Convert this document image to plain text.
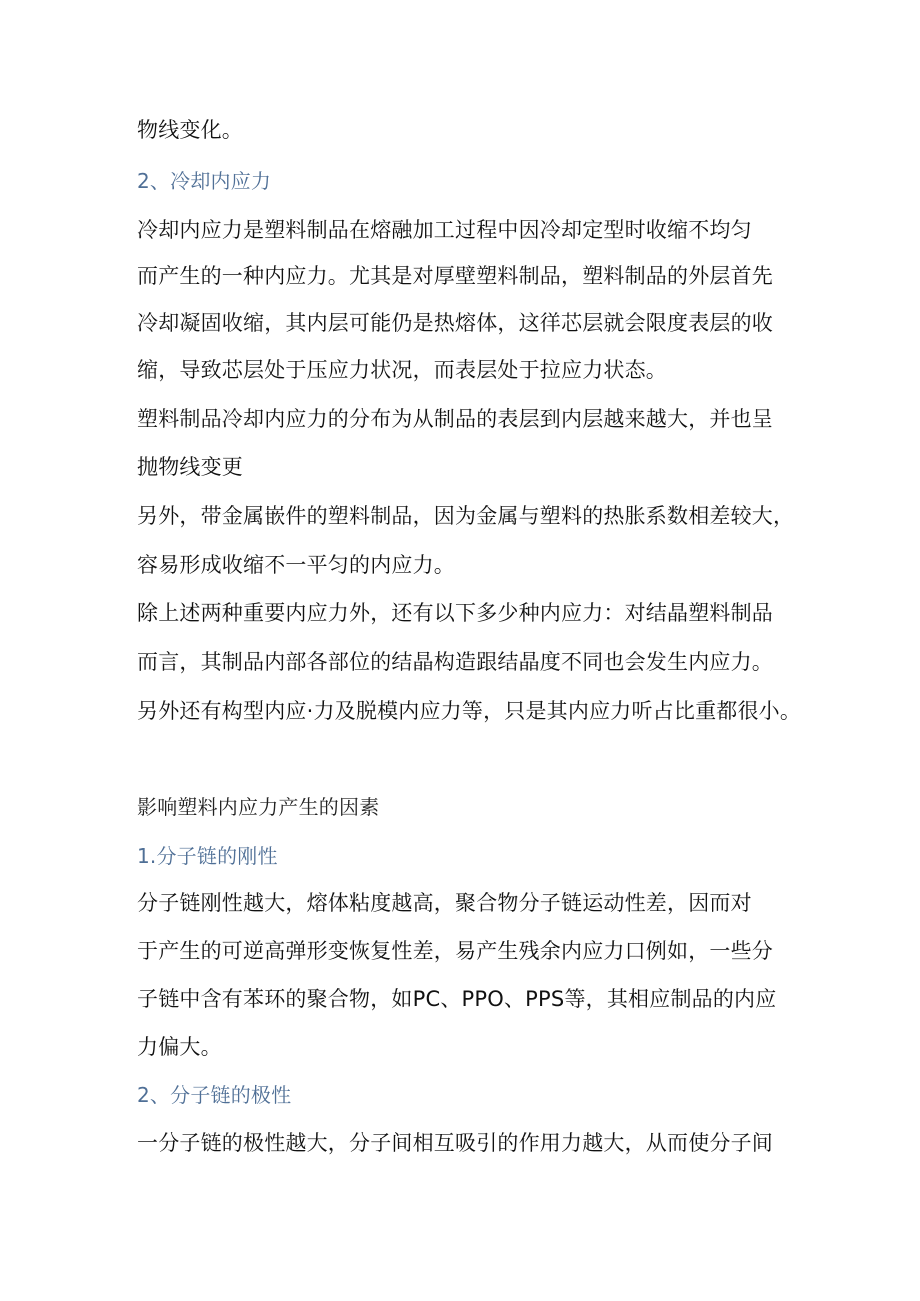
物线变化。
2、冷却内应力
冷却内应力是塑料制品在熔融加工过程中因冷却定型时收缩不均匀
而产生的一种内应力。尤其是对厚壁塑料制品，塑料制品的外层首先
冷却凝固收缩，其内层可能仍是热熔体，这徉芯层就会限度表层的收
缩，导致芯层处于压应力状况，而表层处于拉应力状态。
塑料制品冷却内应力的分布为从制品的表层到内层越来越大，并也呈
抛物线变更
另外，带金属嵌件的塑料制品，因为金属与塑料的热胀系数相差较大，
容易形成收缩不一平匀的内应力。
除上述两种重要内应力外，还有以下多少种内应力：对结晶塑料制品
而言，其制品内部各部位的结晶构造跟结晶度不同也会发生内应力。
另外还有构型内应·力及脱模内应力等，只是其内应力听占比重都很小。
影响塑料内应力产生的因素
1.分子链的刚性
分子链刚性越大，熔体粘度越高，聚合物分子链运动性差，因而对
于产生的可逆高弹形变恢复性差，易产生残余内应力口例如，一些分
子链中含有苯环的聚合物，如PC、PPO、PPS等，其相应制品的内应
力偏大。
2、分子链的极性
一分子链的极性越大，分子间相互吸引的作用力越大，从而使分子间
